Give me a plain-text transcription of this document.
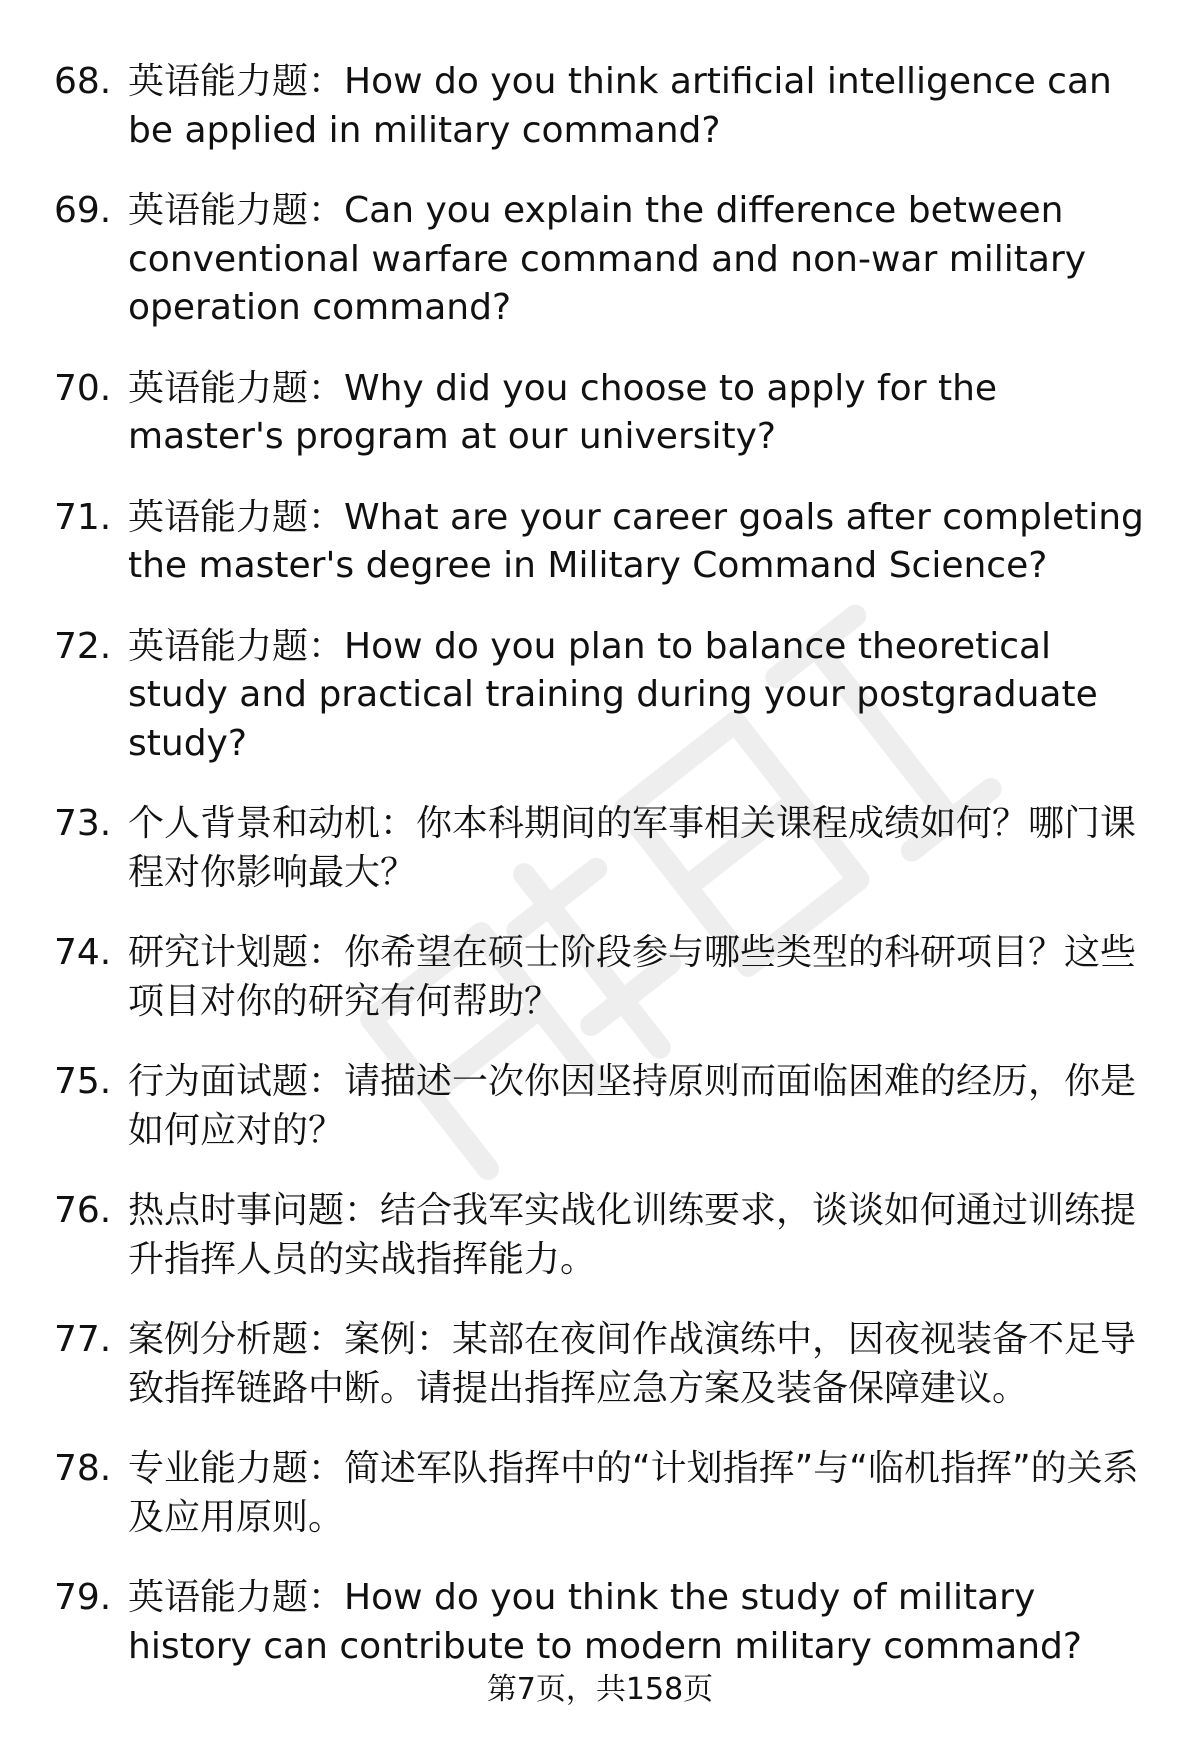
68. 英语能力题：How do you think artificial intelligence can be applied in military command?
69. 英语能力题：Can you explain the difference between conventional warfare command and non-war military operation command?
70. 英语能力题：Why did you choose to apply for the master's program at our university?
71. 英语能力题：What are your career goals after completing the master's degree in Military Command Science?
72. 英语能力题：How do you plan to balance theoretical study and practical training during your postgraduate study?
73. 个人背景和动机：你本科期间的军事相关课程成绩如何？哪门课程对你影响最大？
74. 研究计划题：你希望在硕士阶段参与哪些类型的科研项目？这些项目对你的研究有何帮助？
75. 行为面试题：请描述一次你因坚持原则而面临困难的经历，你是如何应对的？
76. 热点时事问题：结合我军实战化训练要求，谈谈如何通过训练提升指挥人员的实战指挥能力。
77. 案例分析题：案例：某部在夜间作战演练中，因夜视装备不足导致指挥链路中断。请提出指挥应急方案及装备保障建议。
78. 专业能力题：简述军队指挥中的“计划指挥”与“临机指挥”的关系及应用原则。
79. 英语能力题：How do you think the study of military history can contribute to modern military command?
第7页，共158页
